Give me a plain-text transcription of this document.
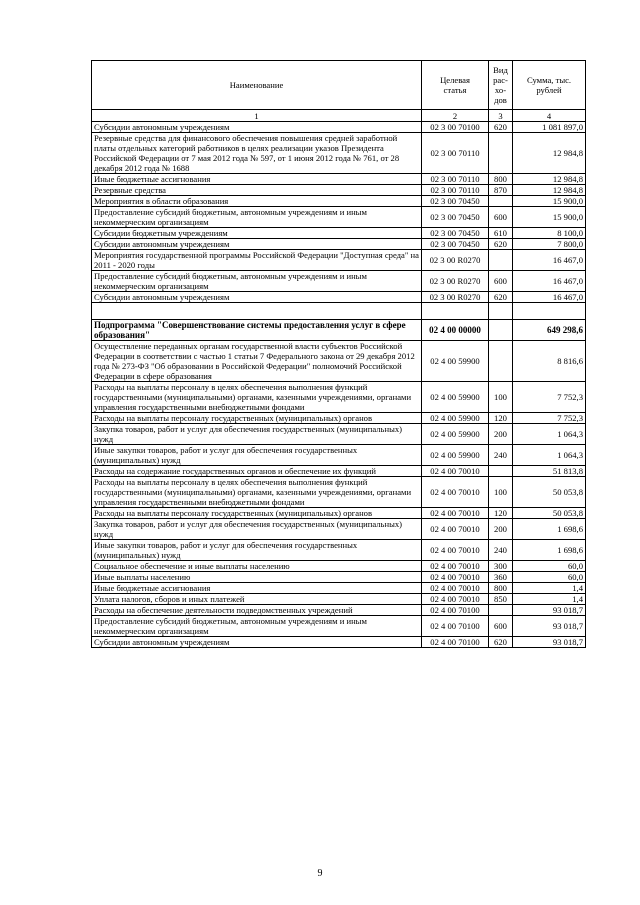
Наименование	Целевая статья	Вид рас-хо-дов	Сумма, тыс. рублей
1	2	3	4
Субсидии автономным учреждениям	02 3 00 70100	620	1 081 897,0
Резервные средства для финансового обеспечения повышения средней заработной платы отдельных категорий работников в целях реализации указов Президента Российской Федерации от 7 мая 2012 года № 597, от 1 июня 2012 года № 761, от 28 декабря 2012 года № 1688	02 3 00 70110		12 984,8
Иные бюджетные ассигнования	02 3 00 70110	800	12 984,8
Резервные средства	02 3 00 70110	870	12 984,8
Мероприятия в области образования	02 3 00 70450		15 900,0
Предоставление субсидий бюджетным, автономным учреждениям и иным некоммерческим организациям	02 3 00 70450	600	15 900,0
Субсидии бюджетным учреждениям	02 3 00 70450	610	8 100,0
Субсидии автономным учреждениям	02 3 00 70450	620	7 800,0
Мероприятия государственной программы Российской Федерации "Доступная среда" на 2011 - 2020 годы	02 3 00 R0270		16 467,0
Предоставление субсидий бюджетным, автономным учреждениям и иным некоммерческим организациям	02 3 00 R0270	600	16 467,0
Субсидии автономным учреждениям	02 3 00 R0270	620	16 467,0

Подпрограмма "Совершенствование системы предоставления услуг в сфере образования"	02 4 00 00000		649 298,6
Осуществление переданных органам государственной власти субъектов Российской Федерации в соответствии с частью 1 статьи 7 Федерального закона от 29 декабря 2012 года № 273-ФЗ "Об образовании в Российской Федерации" полномочий Российской Федерации в сфере образования	02 4 00 59900		8 816,6
Расходы на выплаты персоналу в целях обеспечения выполнения функций государственными (муниципальными) органами, казенными учреждениями, органами управления государственными внебюджетными фондами	02 4 00 59900	100	7 752,3
Расходы на выплаты персоналу государственных (муниципальных) органов	02 4 00 59900	120	7 752,3
Закупка товаров, работ и услуг для обеспечения государственных (муниципальных) нужд	02 4 00 59900	200	1 064,3
Иные закупки товаров, работ и услуг для обеспечения государственных (муниципальных) нужд	02 4 00 59900	240	1 064,3
Расходы на содержание государственных органов и обеспечение их функций	02 4 00 70010		51 813,8
Расходы на выплаты персоналу в целях обеспечения выполнения функций государственными (муниципальными) органами, казенными учреждениями, органами управления государственными внебюджетными фондами	02 4 00 70010	100	50 053,8
Расходы на выплаты персоналу государственных (муниципальных) органов	02 4 00 70010	120	50 053,8
Закупка товаров, работ и услуг для обеспечения государственных (муниципальных) нужд	02 4 00 70010	200	1 698,6
Иные закупки товаров, работ и услуг для обеспечения государственных (муниципальных) нужд	02 4 00 70010	240	1 698,6
Социальное обеспечение и иные выплаты населению	02 4 00 70010	300	60,0
Иные выплаты населению	02 4 00 70010	360	60,0
Иные бюджетные ассигнования	02 4 00 70010	800	1,4
Уплата налогов, сборов и иных платежей	02 4 00 70010	850	1,4
Расходы на обеспечение деятельности подведомственных учреждений	02 4 00 70100		93 018,7
Предоставление субсидий бюджетным, автономным учреждениям и иным некоммерческим организациям	02 4 00 70100	600	93 018,7
Субсидии автономным учреждениям	02 4 00 70100	620	93 018,7
9
